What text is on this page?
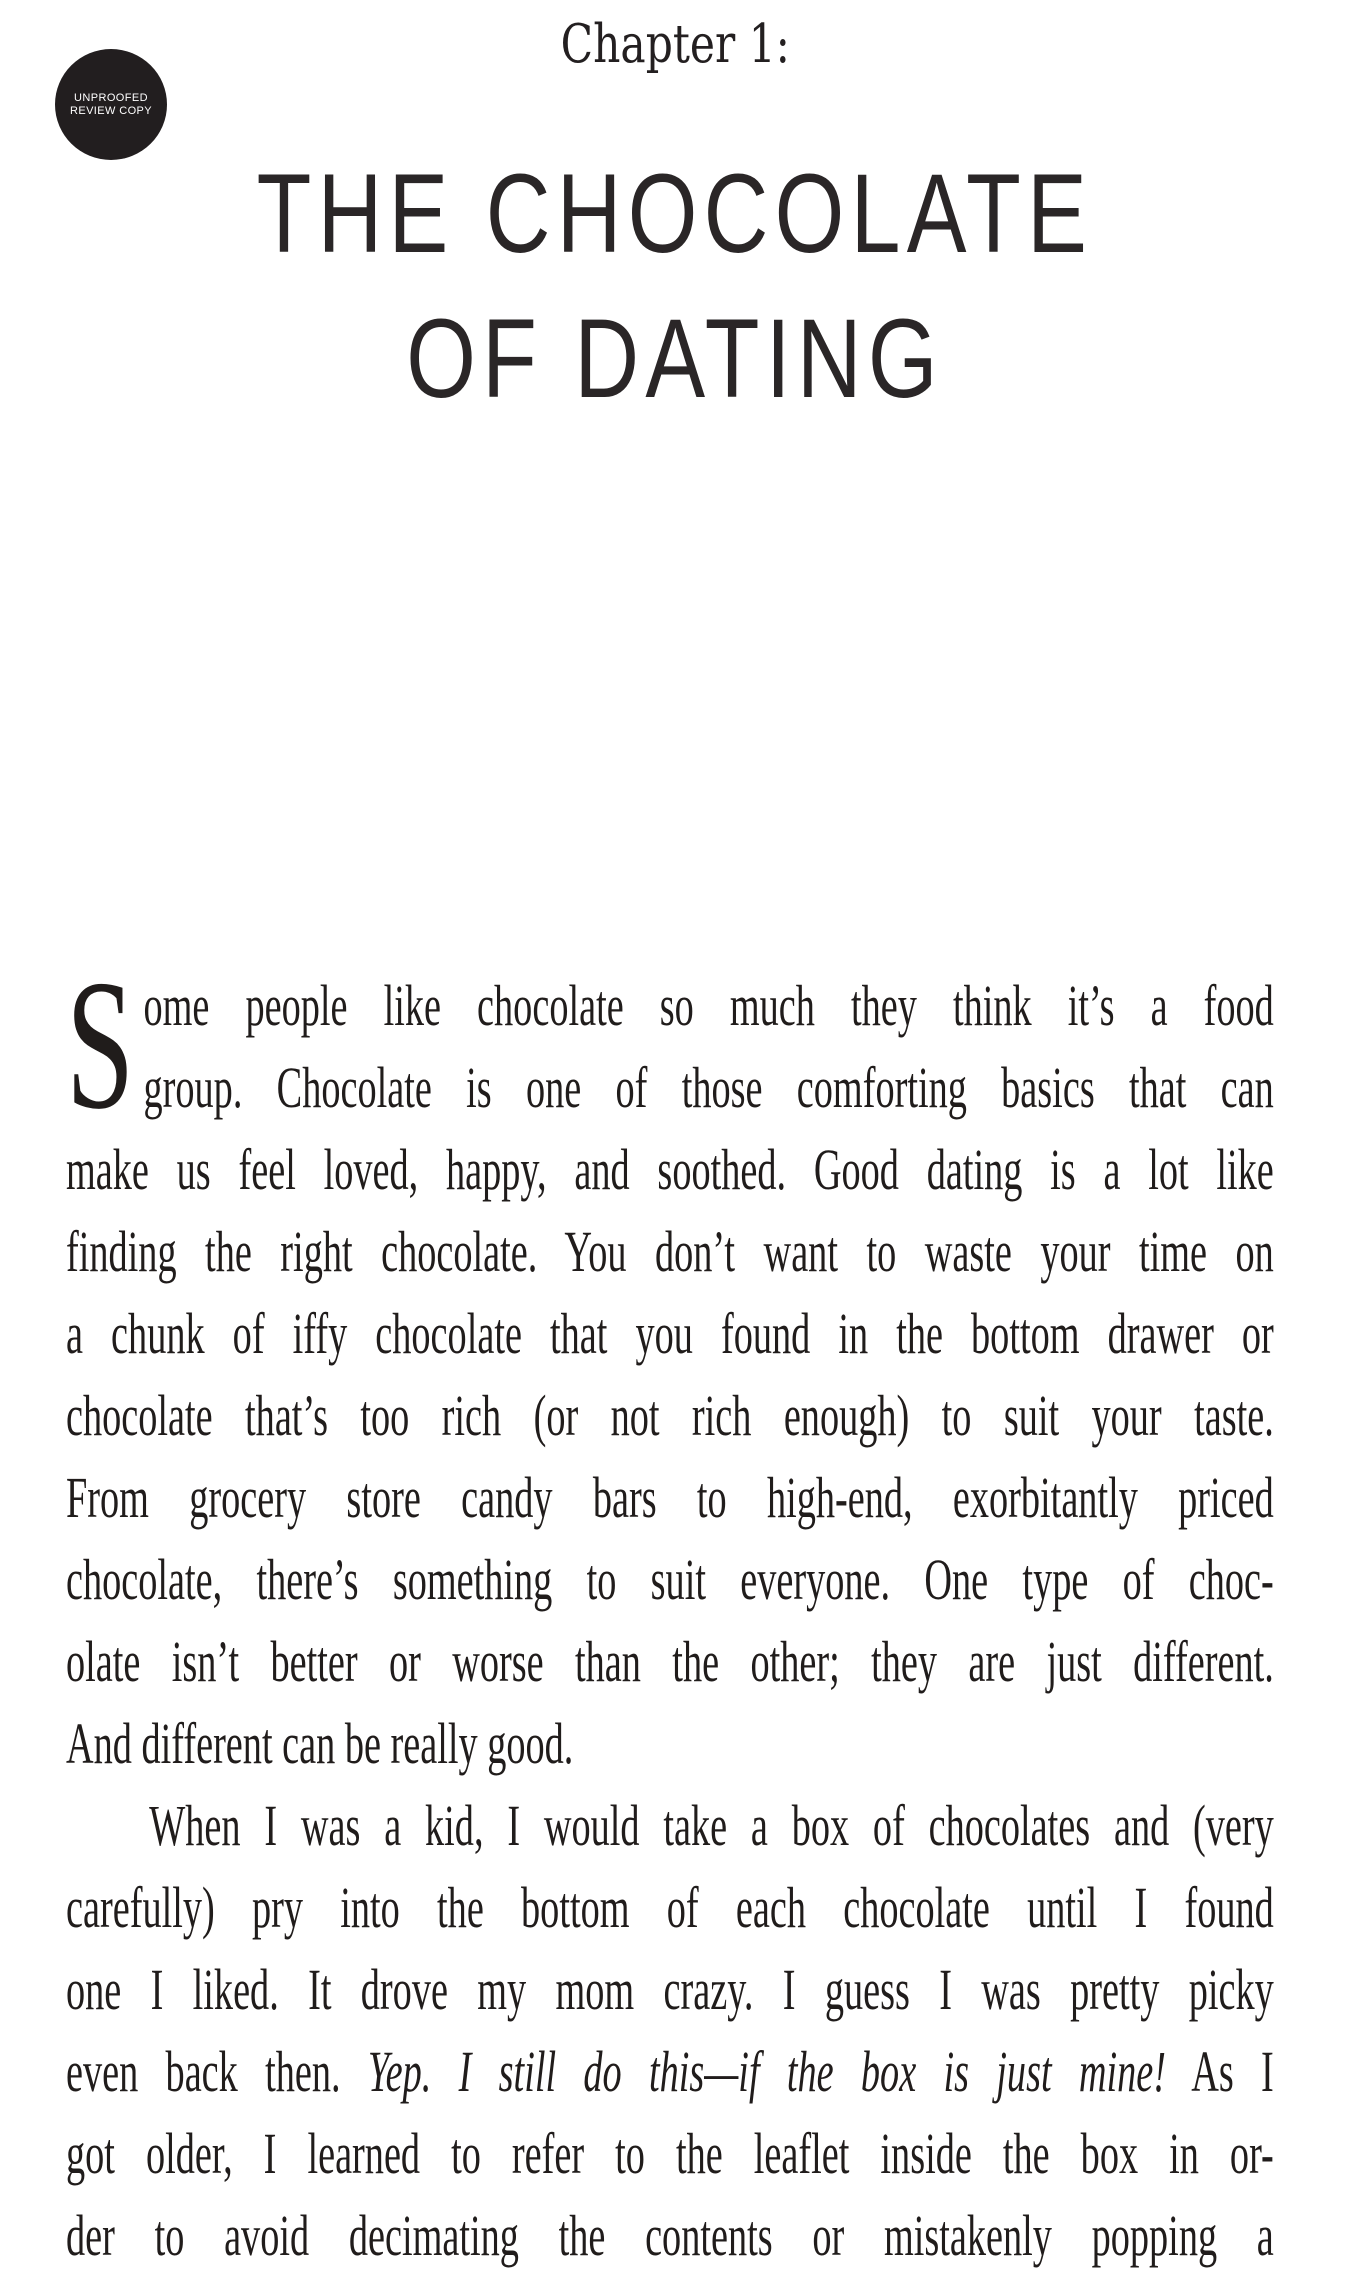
UNPROOFED
REVIEW COPY
Chapter 1:
THE CHOCOLATE
OF DATING
S ome people like chocolate so much they think it’s a food
group. Chocolate is one of those comforting basics that can
make us feel loved, happy, and soothed. Good dating is a lot like
finding the right chocolate. You don’t want to waste your time on
a chunk of iffy chocolate that you found in the bottom drawer or
chocolate that’s too rich (or not rich enough) to suit your taste.
From grocery store candy bars to high-end, exorbitantly priced
chocolate, there’s something to suit everyone. One type of choc-
olate isn’t better or worse than the other; they are just different.
And different can be really good.
When I was a kid, I would take a box of chocolates and (very
carefully) pry into the bottom of each chocolate until I found
one I liked. It drove my mom crazy. I guess I was pretty picky
even back then. Yep. I still do this—if the box is just mine! As I
got older, I learned to refer to the leaflet inside the box in or-
der to avoid decimating the contents or mistakenly popping a
